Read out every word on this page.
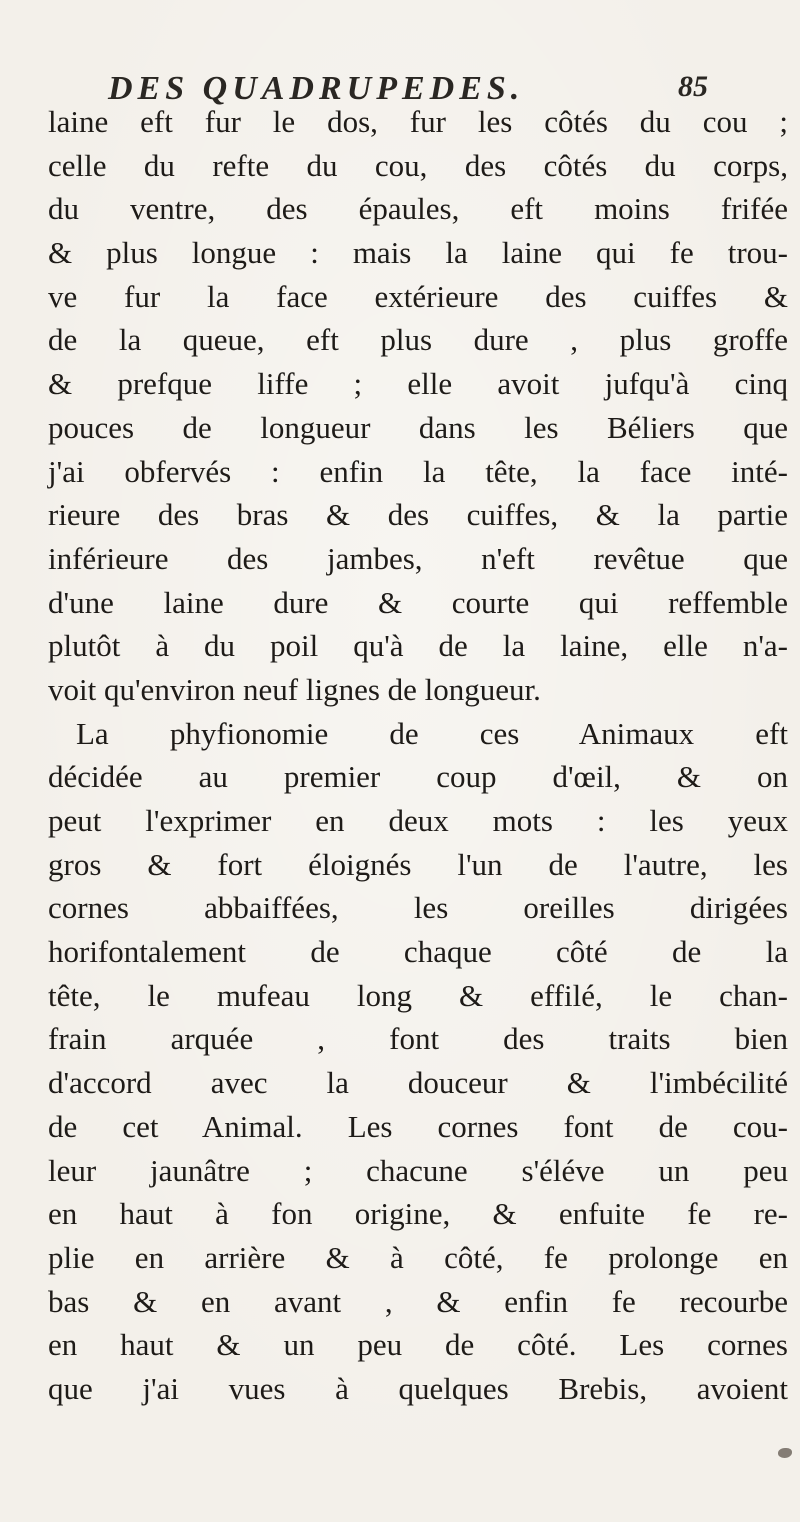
DES QUADRUPEDES.	85
laine eft fur le dos, fur les côtés du cou ;
celle du refte du cou, des côtés du corps,
du ventre, des épaules, eft moins frifée
& plus longue : mais la laine qui fe trou-
ve fur la face extérieure des cuiffes &
de la queue, eft plus dure , plus groffe
& prefque liffe ; elle avoit jufqu'à cinq
pouces de longueur dans les Béliers que
j'ai obfervés : enfin la tête, la face inté-
rieure des bras & des cuiffes, & la partie
inférieure des jambes, n'eft revêtue que
d'une laine dure & courte qui reffemble
plutôt à du poil qu'à de la laine, elle n'a-
voit qu'environ neuf lignes de longueur.
La phyfionomie de ces Animaux eft
décidée au premier coup d'œil, & on
peut l'exprimer en deux mots : les yeux
gros & fort éloignés l'un de l'autre, les
cornes abbaiffées, les oreilles dirigées
horifontalement de chaque côté de la
tête, le mufeau long & effilé, le chan-
frain arquée , font des traits bien
d'accord avec la douceur & l'imbécilité
de cet Animal. Les cornes font de cou-
leur jaunâtre ; chacune s'éléve un peu
en haut à fon origine, & enfuite fe re-
plie en arrière & à côté, fe prolonge en
bas & en avant , & enfin fe recourbe
en haut & un peu de côté. Les cornes
que j'ai vues à quelques Brebis, avoient
